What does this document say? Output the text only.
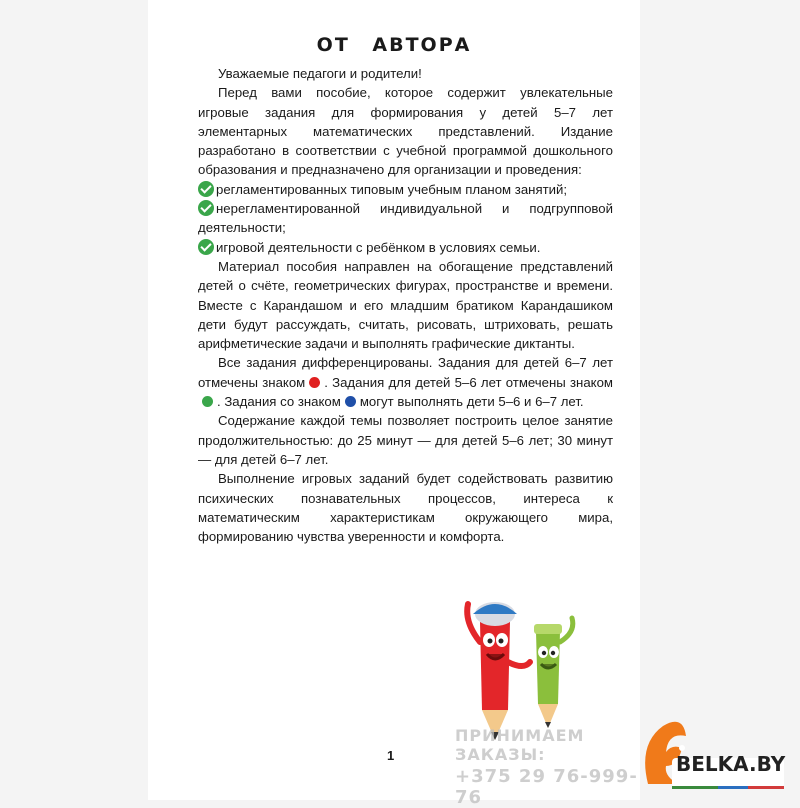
ОТ АВТОРА

Уважаемые педагоги и родители!

Перед вами пособие, которое содержит увлекательные игровые задания для формирования у детей 5–7 лет элементарных математических представлений. Издание разработано в соответствии с учебной программой дошкольного образования и предназначено для организации и проведения:

регламентированных типовым учебным планом занятий;

нерегламентированной индивидуальной и подгрупповой деятельности;

игровой деятельности с ребёнком в условиях семьи.

Материал пособия направлен на обогащение представлений детей о счёте, геометрических фигурах, пространстве и времени. Вместе с Карандашом и его младшим братиком Карандашиком дети будут рассуждать, считать, рисовать, штриховать, решать арифметические задачи и выполнять графические диктанты.

Все задания дифференцированы. Задания для детей 6–7 лет отмечены знаком . Задания для детей 5–6 лет отмечены знаком. Задания со знаком могут выполнять дети 5–6 и 6–7 лет.

Содержание каждой темы позволяет построить целое занятие продолжительностью: до 25 минут — для детей 5–6 лет; 30 минут — для детей 6–7 лет.

Выполнение игровых заданий будет содействовать развитию психических познавательных процессов, интереса к математическим характеристикам окружающего мира, формированию чувства уверенности и комфорта.

1
ПРИНИМАЕМ ЗАКАЗЫ:
+375 29 76-999-76
BELKA.BY
